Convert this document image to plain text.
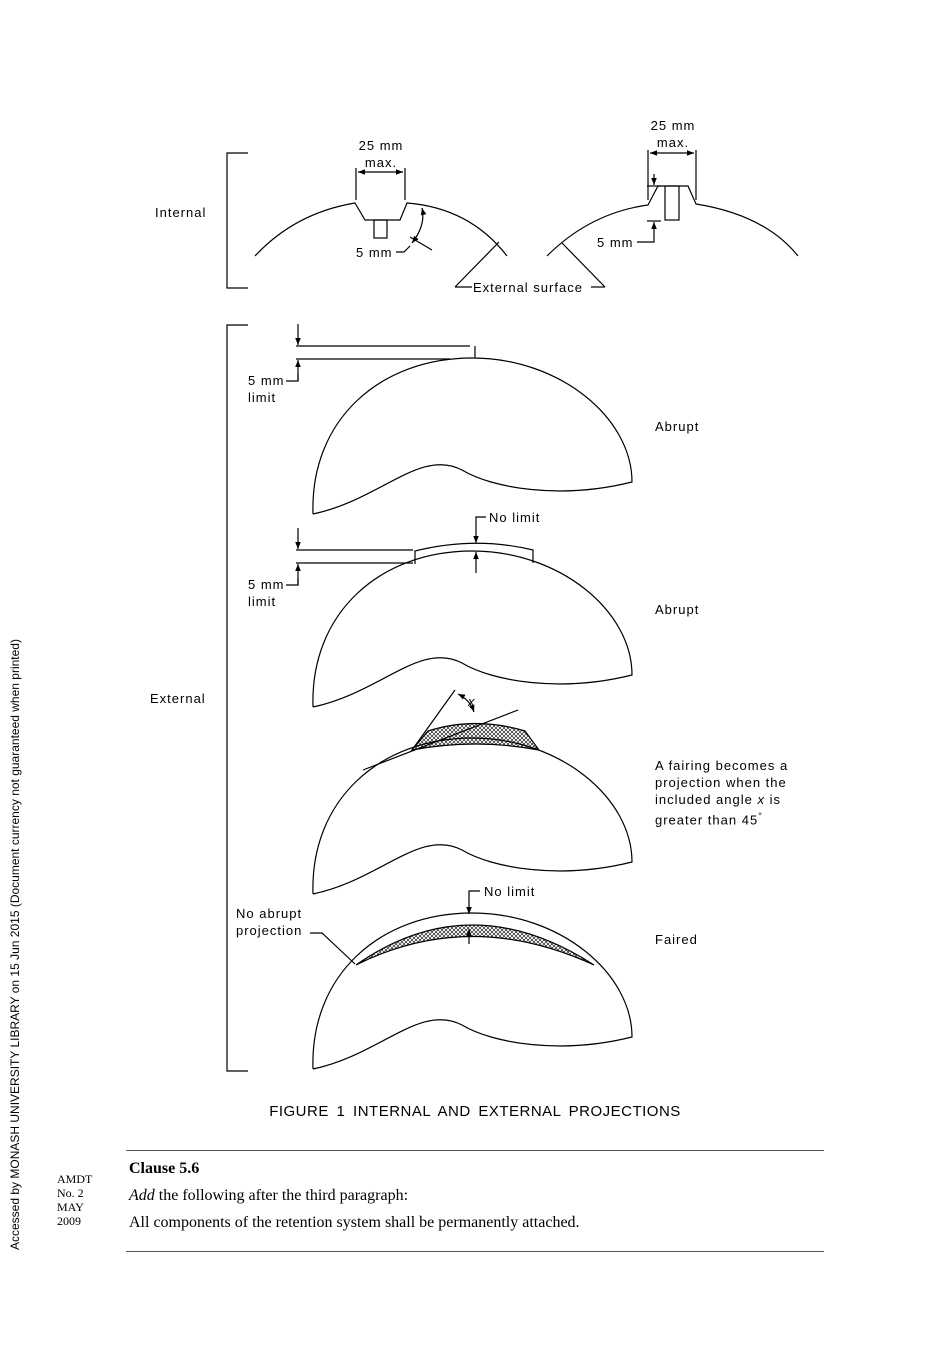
Internal
External
25 mm
max.
5 mm
25 mm
max.
5 mm
External surface
5 mm
limit
Abrupt
No limit
5 mm
limit
Abrupt
x
A fairing becomes a
projection when the
included angle x is
greater than 45°
No limit
No abrupt
projection
Faired
FIGURE 1 INTERNAL AND EXTERNAL PROJECTIONS
AMDT
No. 2
MAY
2009
Clause 5.6
Add the following after the third paragraph:
All components of the retention system shall be permanently attached.
Accessed by MONASH UNIVERSITY LIBRARY on 15 Jun 2015 (Document currency not guaranteed when printed)
